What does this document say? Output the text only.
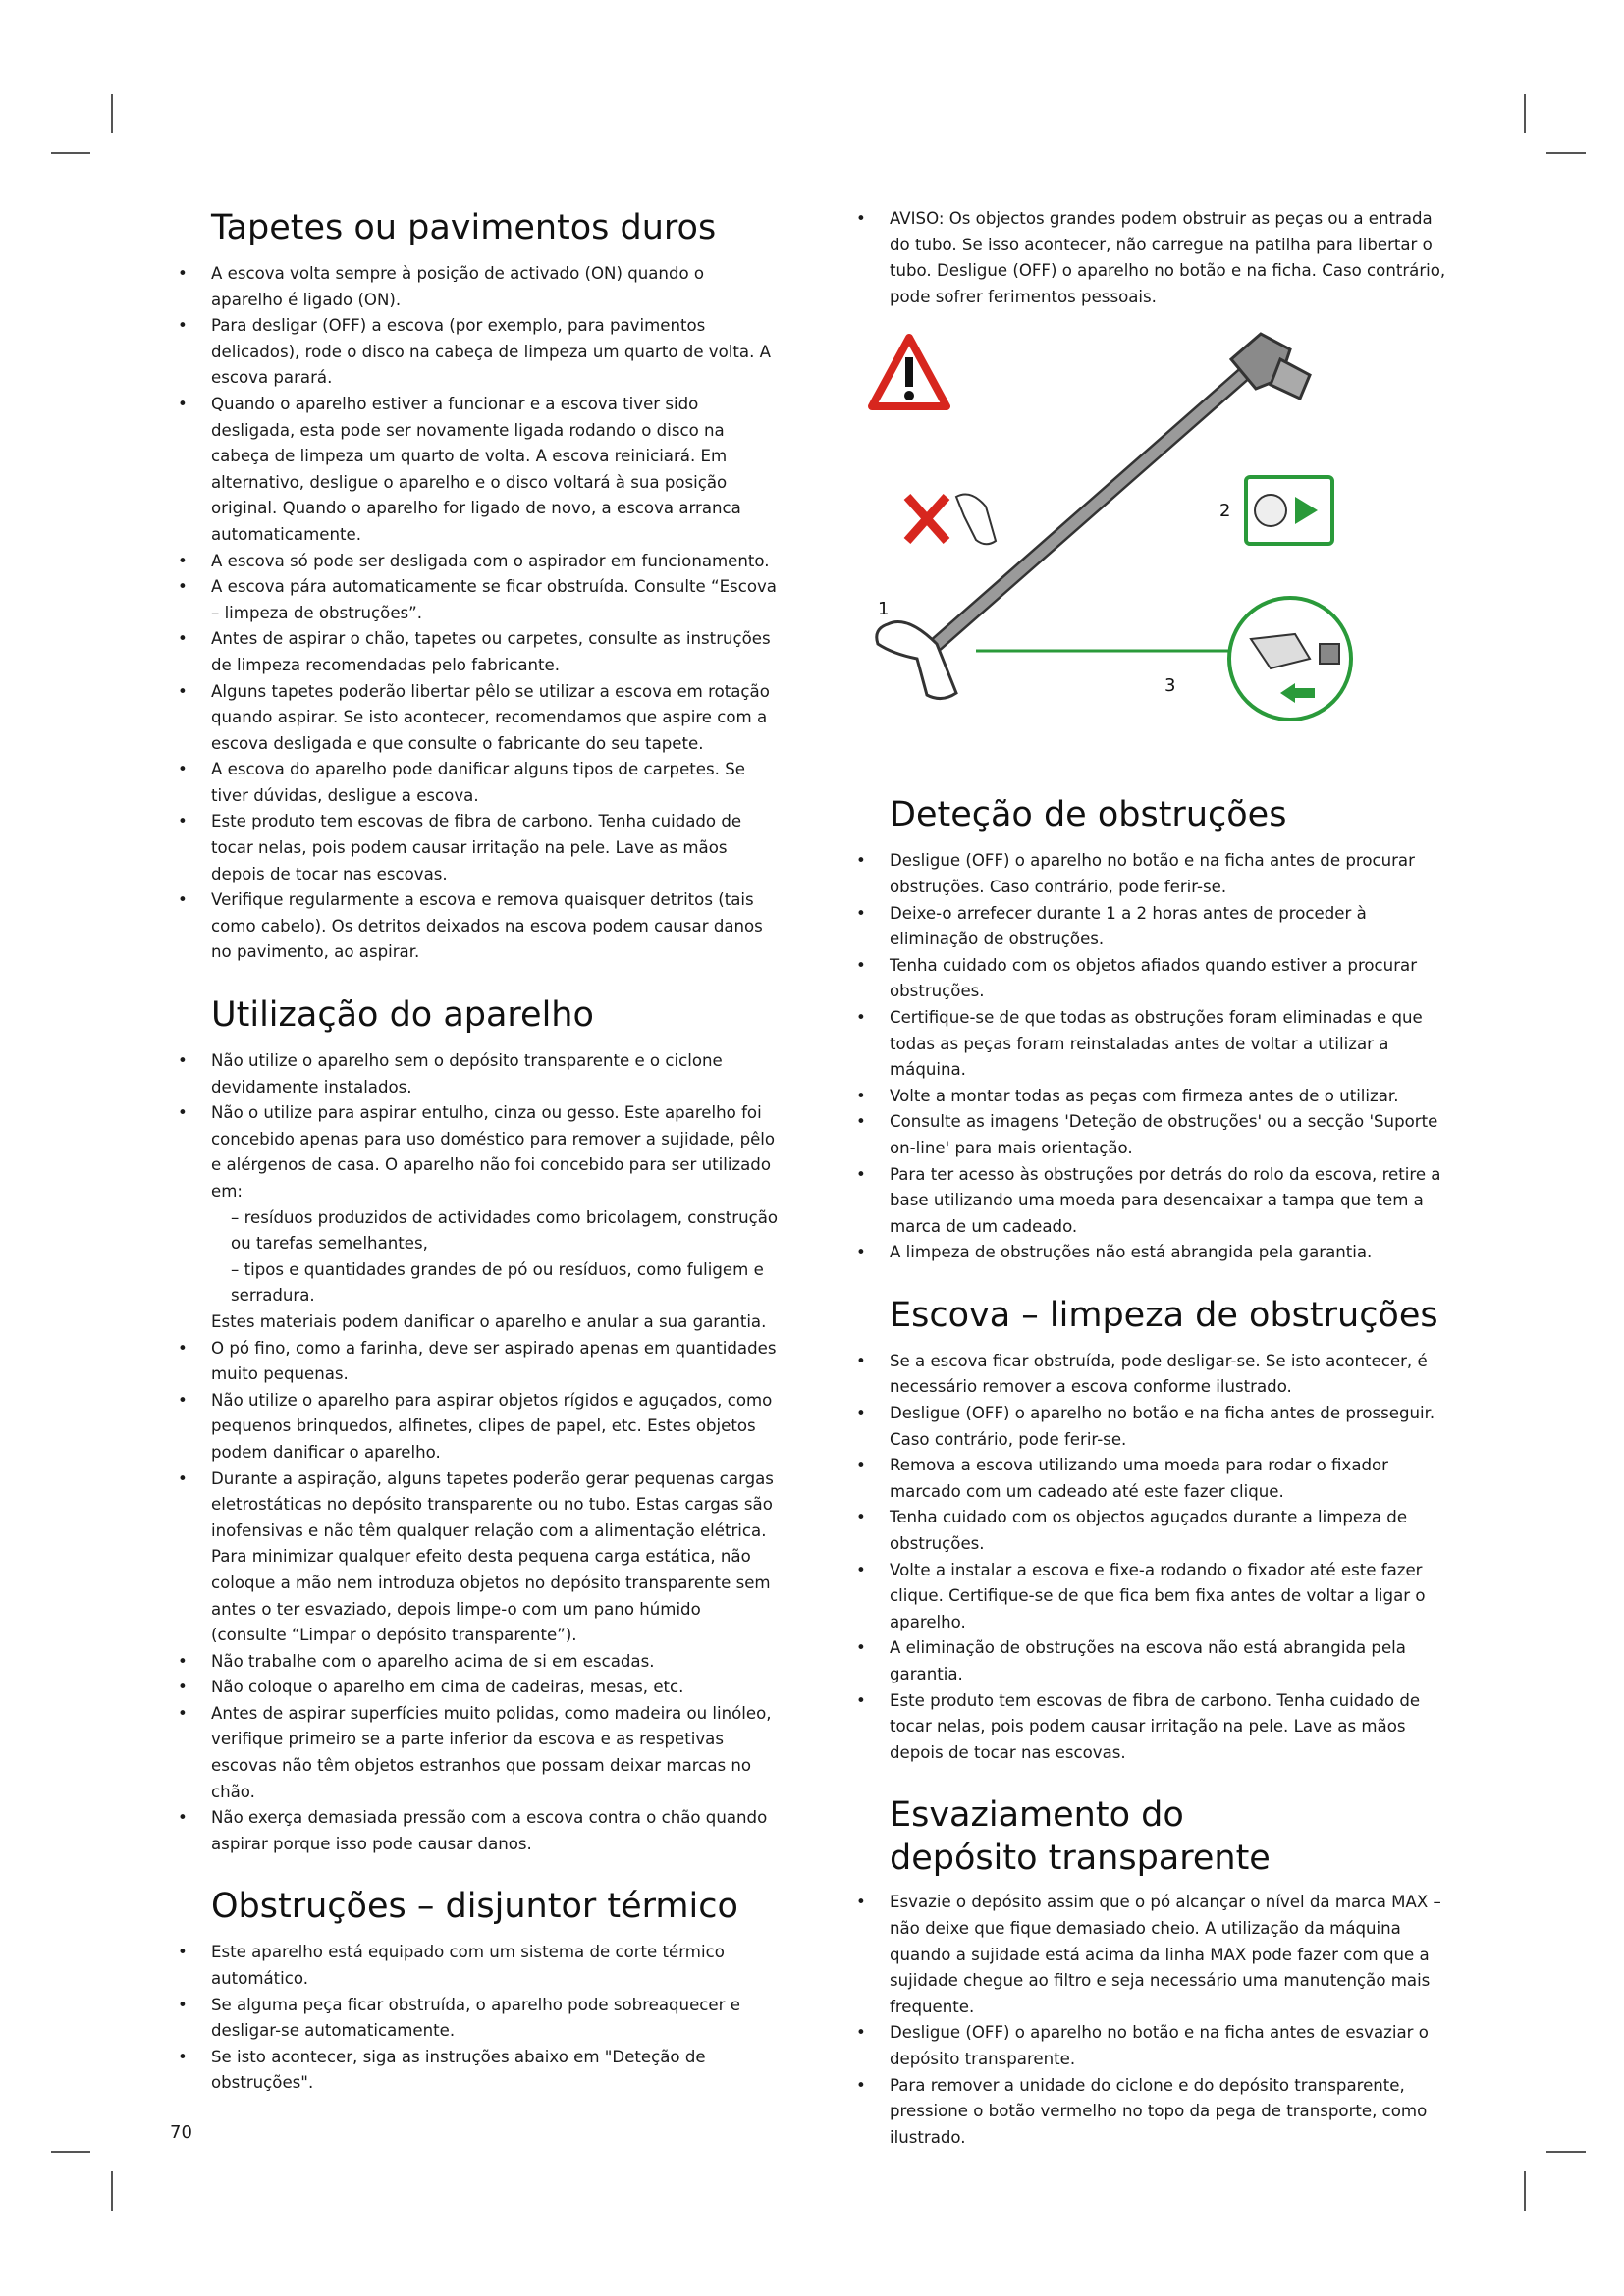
Tapetes ou pavimentos duros
• A escova volta sempre à posição de activado (ON) quando o aparelho é ligado (ON).
• Para desligar (OFF) a escova (por exemplo, para pavimentos delicados), rode o disco na cabeça de limpeza um quarto de volta. A escova parará.
• Quando o aparelho estiver a funcionar e a escova tiver sido desligada, esta pode ser novamente ligada rodando o disco na cabeça de limpeza um quarto de volta. A escova reiniciará. Em alternativo, desligue o aparelho e o disco voltará à sua posição original. Quando o aparelho for ligado de novo, a escova arranca automaticamente.
• A escova só pode ser desligada com o aspirador em funcionamento.
• A escova pára automaticamente se ficar obstruída. Consulte “Escova – limpeza de obstruções”.
• Antes de aspirar o chão, tapetes ou carpetes, consulte as instruções de limpeza recomendadas pelo fabricante.
• Alguns tapetes poderão libertar pêlo se utilizar a escova em rotação quando aspirar. Se isto acontecer, recomendamos que aspire com a escova desligada e que consulte o fabricante do seu tapete.
• A escova do aparelho pode danificar alguns tipos de carpetes. Se tiver dúvidas, desligue a escova.
• Este produto tem escovas de fibra de carbono. Tenha cuidado de tocar nelas, pois podem causar irritação na pele. Lave as mãos depois de tocar nas escovas.
• Verifique regularmente a escova e remova quaisquer detritos (tais como cabelo). Os detritos deixados na escova podem causar danos no pavimento, ao aspirar.
Utilização do aparelho
• Não utilize o aparelho sem o depósito transparente e o ciclone devidamente instalados.
• Não o utilize para aspirar entulho, cinza ou gesso. Este aparelho foi concebido apenas para uso doméstico para remover a sujidade, pêlo e alérgenos de casa. O aparelho não foi concebido para ser utilizado em:
– resíduos produzidos de actividades como bricolagem, construção ou tarefas semelhantes,
– tipos e quantidades grandes de pó ou resíduos, como fuligem e serradura.
Estes materiais podem danificar o aparelho e anular a sua garantia.
• O pó fino, como a farinha, deve ser aspirado apenas em quantidades muito pequenas.
• Não utilize o aparelho para aspirar objetos rígidos e aguçados, como pequenos brinquedos, alfinetes, clipes de papel, etc. Estes objetos podem danificar o aparelho.
• Durante a aspiração, alguns tapetes poderão gerar pequenas cargas eletrostáticas no depósito transparente ou no tubo. Estas cargas são inofensivas e não têm qualquer relação com a alimentação elétrica. Para minimizar qualquer efeito desta pequena carga estática, não coloque a mão nem introduza objetos no depósito transparente sem antes o ter esvaziado, depois limpe-o com um pano húmido (consulte “Limpar o depósito transparente”).
• Não trabalhe com o aparelho acima de si em escadas.
• Não coloque o aparelho em cima de cadeiras, mesas, etc.
• Antes de aspirar superfícies muito polidas, como madeira ou linóleo, verifique primeiro se a parte inferior da escova e as respetivas escovas não têm objetos estranhos que possam deixar marcas no chão.
• Não exerça demasiada pressão com a escova contra o chão quando aspirar porque isso pode causar danos.
Obstruções – disjuntor térmico
• Este aparelho está equipado com um sistema de corte térmico automático.
• Se alguma peça ficar obstruída, o aparelho pode sobreaquecer e desligar-se automaticamente.
• Se isto acontecer, siga as instruções abaixo em "Deteção de obstruções".
• AVISO: Os objectos grandes podem obstruir as peças ou a entrada do tubo. Se isso acontecer, não carregue na patilha para libertar o tubo. Desligue (OFF) o aparelho no botão e na ficha. Caso contrário, pode sofrer ferimentos pessoais.
1
2
3
Deteção de obstruções
• Desligue (OFF) o aparelho no botão e na ficha antes de procurar obstruções. Caso contrário, pode ferir-se.
• Deixe-o arrefecer durante 1 a 2 horas antes de proceder à eliminação de obstruções.
• Tenha cuidado com os objetos afiados quando estiver a procurar obstruções.
• Certifique-se de que todas as obstruções foram eliminadas e que todas as peças foram reinstaladas antes de voltar a utilizar a máquina.
• Volte a montar todas as peças com firmeza antes de o utilizar.
• Consulte as imagens 'Deteção de obstruções' ou a secção 'Suporte on-line' para mais orientação.
• Para ter acesso às obstruções por detrás do rolo da escova, retire a base utilizando uma moeda para desencaixar a tampa que tem a marca de um cadeado.
• A limpeza de obstruções não está abrangida pela garantia.
Escova – limpeza de obstruções
• Se a escova ficar obstruída, pode desligar-se. Se isto acontecer, é necessário remover a escova conforme ilustrado.
• Desligue (OFF) o aparelho no botão e na ficha antes de prosseguir. Caso contrário, pode ferir-se.
• Remova a escova utilizando uma moeda para rodar o fixador marcado com um cadeado até este fazer clique.
• Tenha cuidado com os objectos aguçados durante a limpeza de obstruções.
• Volte a instalar a escova e fixe-a rodando o fixador até este fazer clique. Certifique-se de que fica bem fixa antes de voltar a ligar o aparelho.
• A eliminação de obstruções na escova não está abrangida pela garantia.
• Este produto tem escovas de fibra de carbono. Tenha cuidado de tocar nelas, pois podem causar irritação na pele. Lave as mãos depois de tocar nas escovas.
Esvaziamento do
depósito transparente
• Esvazie o depósito assim que o pó alcançar o nível da marca MAX – não deixe que fique demasiado cheio. A utilização da máquina quando a sujidade está acima da linha MAX pode fazer com que a sujidade chegue ao filtro e seja necessário uma manutenção mais frequente.
• Desligue (OFF) o aparelho no botão e na ficha antes de esvaziar o depósito transparente.
• Para remover a unidade do ciclone e do depósito transparente, pressione o botão vermelho no topo da pega de transporte, como ilustrado.
70
